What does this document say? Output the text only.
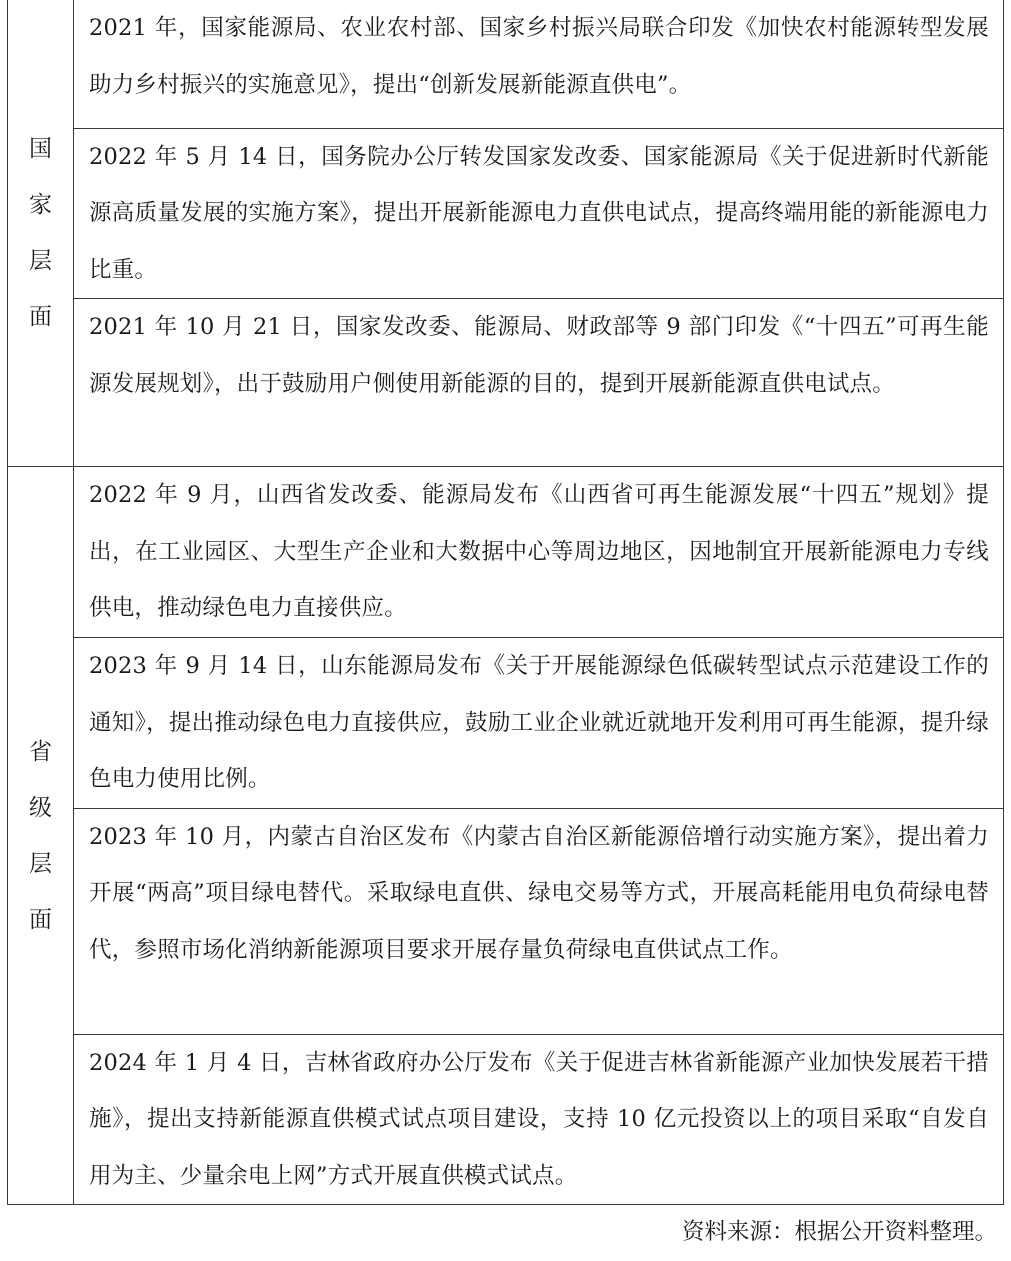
国家层面	2021 年，国家能源局、农业农村部、国家乡村振兴局联合印发《加快农村能源转型发展助力乡村振兴的实施意见》，提出“创新发展新能源直供电”。

	2022 年 5 月 14 日，国务院办公厅转发国家发改委、国家能源局《关于促进新时代新能源高质量发展的实施方案》，提出开展新能源电力直供电试点，提高终端用能的新能源电力比重。

	2021 年 10 月 21 日，国家发改委、能源局、财政部等 9 部门印发《“十四五”可再生能源发展规划》，出于鼓励用户侧使用新能源的目的，提到开展新能源直供电试点。

省级层面	2022 年 9 月，山西省发改委、能源局发布《山西省可再生能源发展“十四五”规划》提出，在工业园区、大型生产企业和大数据中心等周边地区，因地制宜开展新能源电力专线供电，推动绿色电力直接供应。

	2023 年 9 月 14 日，山东能源局发布《关于开展能源绿色低碳转型试点示范建设工作的通知》，提出推动绿色电力直接供应，鼓励工业企业就近就地开发利用可再生能源，提升绿色电力使用比例。

	2023 年 10 月，内蒙古自治区发布《内蒙古自治区新能源倍增行动实施方案》，提出着力开展“两高”项目绿电替代。采取绿电直供、绿电交易等方式，开展高耗能用电负荷绿电替代，参照市场化消纳新能源项目要求开展存量负荷绿电直供试点工作。

	2024 年 1 月 4 日，吉林省政府办公厅发布《关于促进吉林省新能源产业加快发展若干措施》，提出支持新能源直供模式试点项目建设，支持 10 亿元投资以上的项目采取“自发自用为主、少量余电上网”方式开展直供模式试点。
资料来源：根据公开资料整理。
